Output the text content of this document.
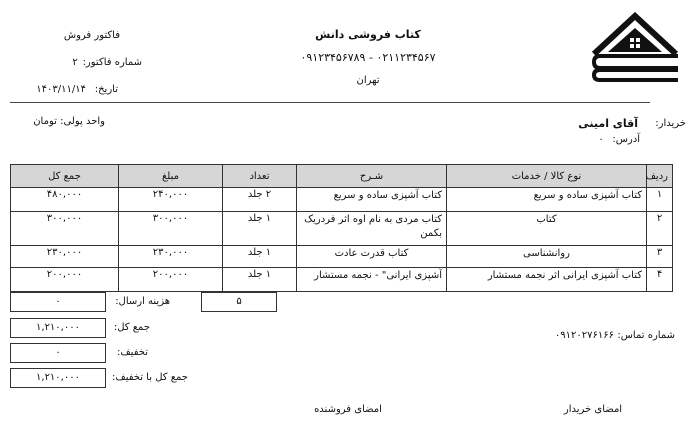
کتاب فروشی دانش
۰۲۱۱۲۳۴۵۶۷ - ۰۹۱۲۳۴۵۶۷۸۹
تهران
فاکتور فروش
شماره فاکتور:
۲
تاریخ:
۱۴۰۳/۱۱/۱۴
واحد پولی: تومان	خریدار:
آقای امینی
آدرس:
۰
ردیف	نوع کالا / خدمات	شـرح	تعداد	مبلغ	جمع کل
۱	کتاب آشپزی ساده و سریع	کتاب آشپزی ساده و سریع	۲ جلد	۲۴۰,۰۰۰	۴۸۰,۰۰۰
۲	کتاب	کتاب مردی به نام اوه اثر فردریک بکمن	۱ جلد	۳۰۰,۰۰۰	۳۰۰,۰۰۰
۳	روانشناسی	کتاب قدرت عادت	۱ جلد	۲۳۰,۰۰۰	۲۳۰,۰۰۰
۴	کتاب آشپزی ایرانی اثر نجمه مستشار	آشپزی ایرانی" - نجمه مستشار	۱ جلد	۲۰۰,۰۰۰	۲۰۰,۰۰۰
۵
۰	هزینه ارسال:
۱,۲۱۰,۰۰۰	جمع کل:
۰	تخفیف:
۱,۲۱۰,۰۰۰	جمع کل با تخفیف:
شماره تماس:
۰۹۱۲۰۲۷۶۱۶۶
امضای خریدار
امضای فروشنده
